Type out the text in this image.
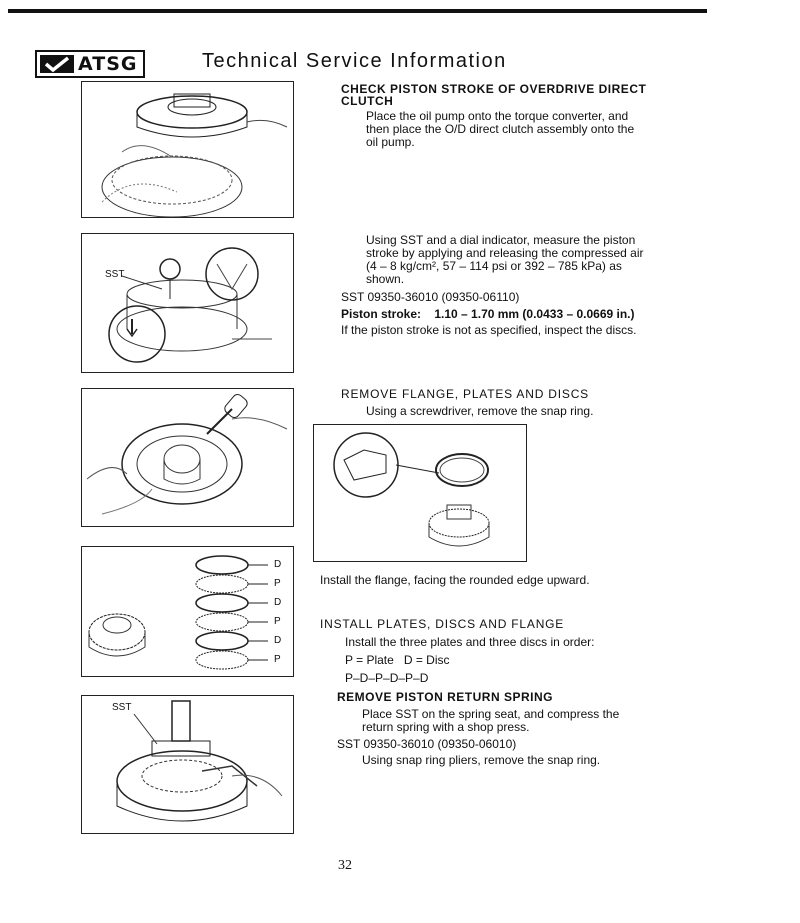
ATSG	Technical Service Information
SST
D
P
D
P
D
P
SST
CHECK PISTON STROKE OF OVERDRIVE DIRECT
CLUTCH
Place the oil pump onto the torque converter, and
then place the O/D direct clutch assembly onto the
oil pump.
Using SST and a dial indicator, measure the piston
stroke by applying and releasing the compressed air
(4 – 8 kg/cm², 57 – 114 psi or 392 – 785 kPa) as
shown.
SST 09350-36010 (09350-06110)
Piston stroke: 1.10 – 1.70 mm (0.0433 – 0.0669 in.)
If the piston stroke is not as specified, inspect the discs.
REMOVE FLANGE, PLATES AND DISCS
Using a screwdriver, remove the snap ring.
Install the flange, facing the rounded edge upward.
INSTALL PLATES, DISCS AND FLANGE
Install the three plates and three discs in order:
P = Plate   D = Disc
P–D–P–D–P–D
REMOVE PISTON RETURN SPRING
Place SST on the spring seat, and compress the
return spring with a shop press.
SST 09350-36010 (09350-06010)
Using snap ring pliers, remove the snap ring.
32
